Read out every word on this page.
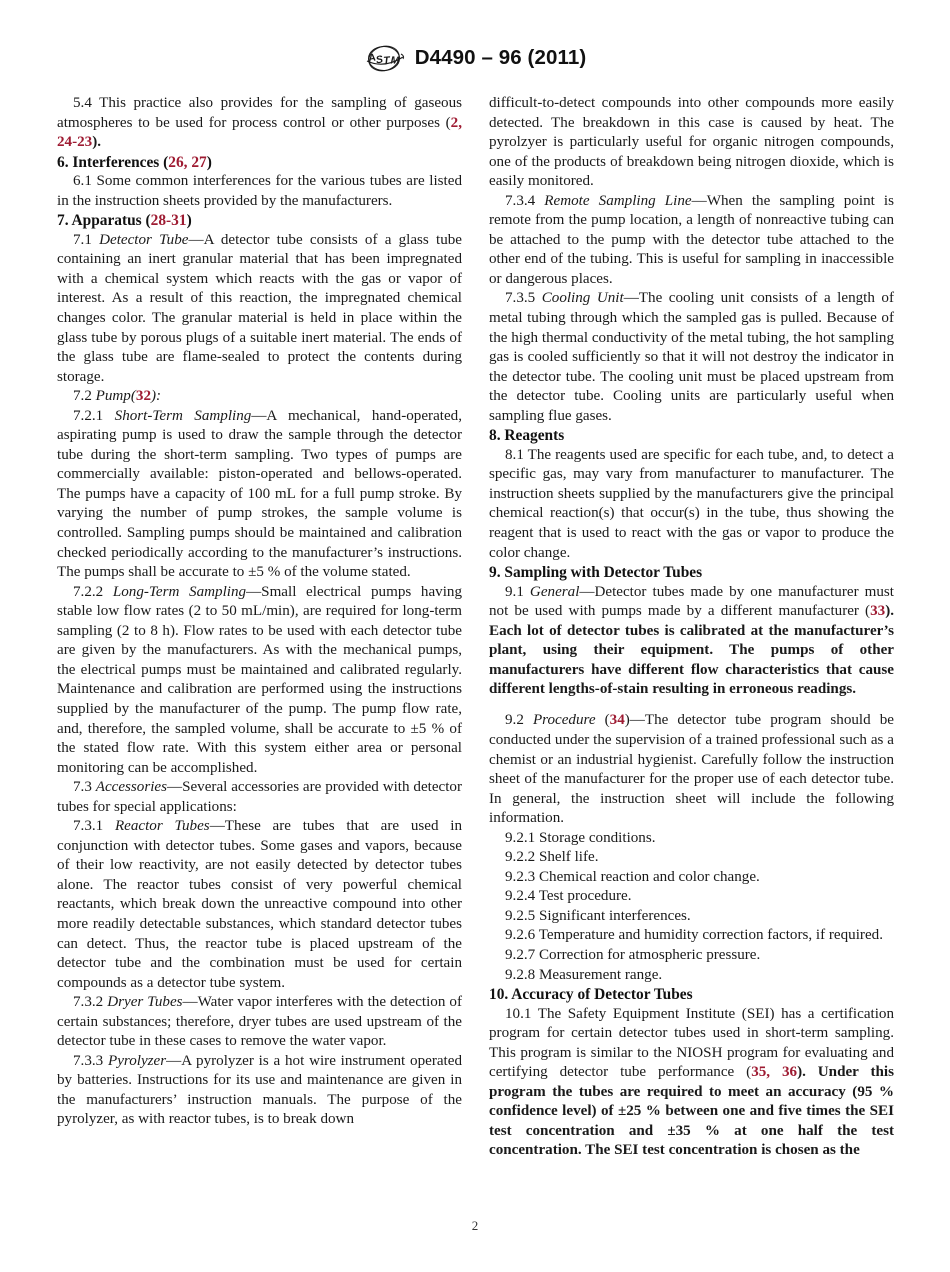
A
S
T M D4490 – 96 (2011)

5.4 This practice also provides for the sampling of gaseous atmospheres to be used for process control or other purposes (2, 24-23).

6. Interferences (26, 27)

6.1 Some common interferences for the various tubes are listed in the instruction sheets provided by the manufacturers.

7. Apparatus (28-31)

7.1 Detector Tube—A detector tube consists of a glass tube containing an inert granular material that has been impregnated with a chemical system which reacts with the gas or vapor of interest. As a result of this reaction, the impregnated chemical changes color. The granular material is held in place within the glass tube by porous plugs of a suitable inert material. The ends of the glass tube are flame-sealed to protect the contents during storage.

7.2 Pump(32):

7.2.1 Short-Term Sampling—A mechanical, hand-operated, aspirating pump is used to draw the sample through the detector tube during the short-term sampling. Two types of pumps are commercially available: piston-operated and bellows-operated. The pumps have a capacity of 100 mL for a full pump stroke. By varying the number of pump strokes, the sample volume is controlled. Sampling pumps should be maintained and calibration checked periodically according to the manufacturer’s instructions. The pumps shall be accurate to ±5 % of the volume stated.

7.2.2 Long-Term Sampling—Small electrical pumps having stable low flow rates (2 to 50 mL/min), are required for long-term sampling (2 to 8 h). Flow rates to be used with each detector tube are given by the manufacturers. As with the mechanical pumps, the electrical pumps must be maintained and calibrated regularly. Maintenance and calibration are performed using the instructions supplied by the manufacturer of the pump. The pump flow rate, and, therefore, the sampled volume, shall be accurate to ±5 % of the stated flow rate. With this system either area or personal monitoring can be accomplished.

7.3 Accessories—Several accessories are provided with detector tubes for special applications:

7.3.1 Reactor Tubes—These are tubes that are used in conjunction with detector tubes. Some gases and vapors, because of their low reactivity, are not easily detected by detector tubes alone. The reactor tubes consist of very powerful chemical reactants, which break down the unreactive compound into other more readily detectable substances, which standard detector tubes can detect. Thus, the reactor tube is placed upstream of the detector tube and the combination must be used for certain compounds as a detector tube system.

7.3.2 Dryer Tubes—Water vapor interferes with the detection of certain substances; therefore, dryer tubes are used upstream of the detector tube in these cases to remove the water vapor.

7.3.3 Pyrolyzer—A pyrolyzer is a hot wire instrument operated by batteries. Instructions for its use and maintenance are given in the manufacturers’ instruction manuals. The purpose of the pyrolyzer, as with reactor tubes, is to break down

difficult-to-detect compounds into other compounds more easily detected. The breakdown in this case is caused by heat. The pyrolzyer is particularly useful for organic nitrogen compounds, one of the products of breakdown being nitrogen dioxide, which is easily monitored.

7.3.4 Remote Sampling Line—When the sampling point is remote from the pump location, a length of nonreactive tubing can be attached to the pump with the detector tube attached to the other end of the tubing. This is useful for sampling in inaccessible or dangerous places.

7.3.5 Cooling Unit—The cooling unit consists of a length of metal tubing through which the sampled gas is pulled. Because of the high thermal conductivity of the metal tubing, the hot sampling gas is cooled sufficiently so that it will not destroy the indicator in the detector tube. The cooling unit must be placed upstream from the detector tube. Cooling units are particularly useful when sampling flue gases.

8. Reagents

8.1 The reagents used are specific for each tube, and, to detect a specific gas, may vary from manufacturer to manufacturer. The instruction sheets supplied by the manufacturers give the principal chemical reaction(s) that occur(s) in the tube, thus showing the reagent that is used to react with the gas or vapor to produce the color change.

9. Sampling with Detector Tubes

9.1 General—Detector tubes made by one manufacturer must not be used with pumps made by a different manufacturer (33). Each lot of detector tubes is calibrated at the manufacturer’s plant, using their equipment. The pumps of other manufacturers have different flow characteristics that cause different lengths-of-stain resulting in erroneous readings.

9.2 Procedure (34)—The detector tube program should be conducted under the supervision of a trained professional such as a chemist or an industrial hygienist. Carefully follow the instruction sheet of the manufacturer for the proper use of each detector tube. In general, the instruction sheet will include the following information.

9.2.1 Storage conditions.

9.2.2 Shelf life.

9.2.3 Chemical reaction and color change.

9.2.4 Test procedure.

9.2.5 Significant interferences.

9.2.6 Temperature and humidity correction factors, if required.

9.2.7 Correction for atmospheric pressure.

9.2.8 Measurement range.

10. Accuracy of Detector Tubes

10.1 The Safety Equipment Institute (SEI) has a certification program for certain detector tubes used in short-term sampling. This program is similar to the NIOSH program for evaluating and certifying detector tube performance (35, 36). Under this program the tubes are required to meet an accuracy (95 % confidence level) of ±25 % between one and five times the SEI test concentration and ±35 % at one half the test concentration. The SEI test concentration is chosen as the

2
